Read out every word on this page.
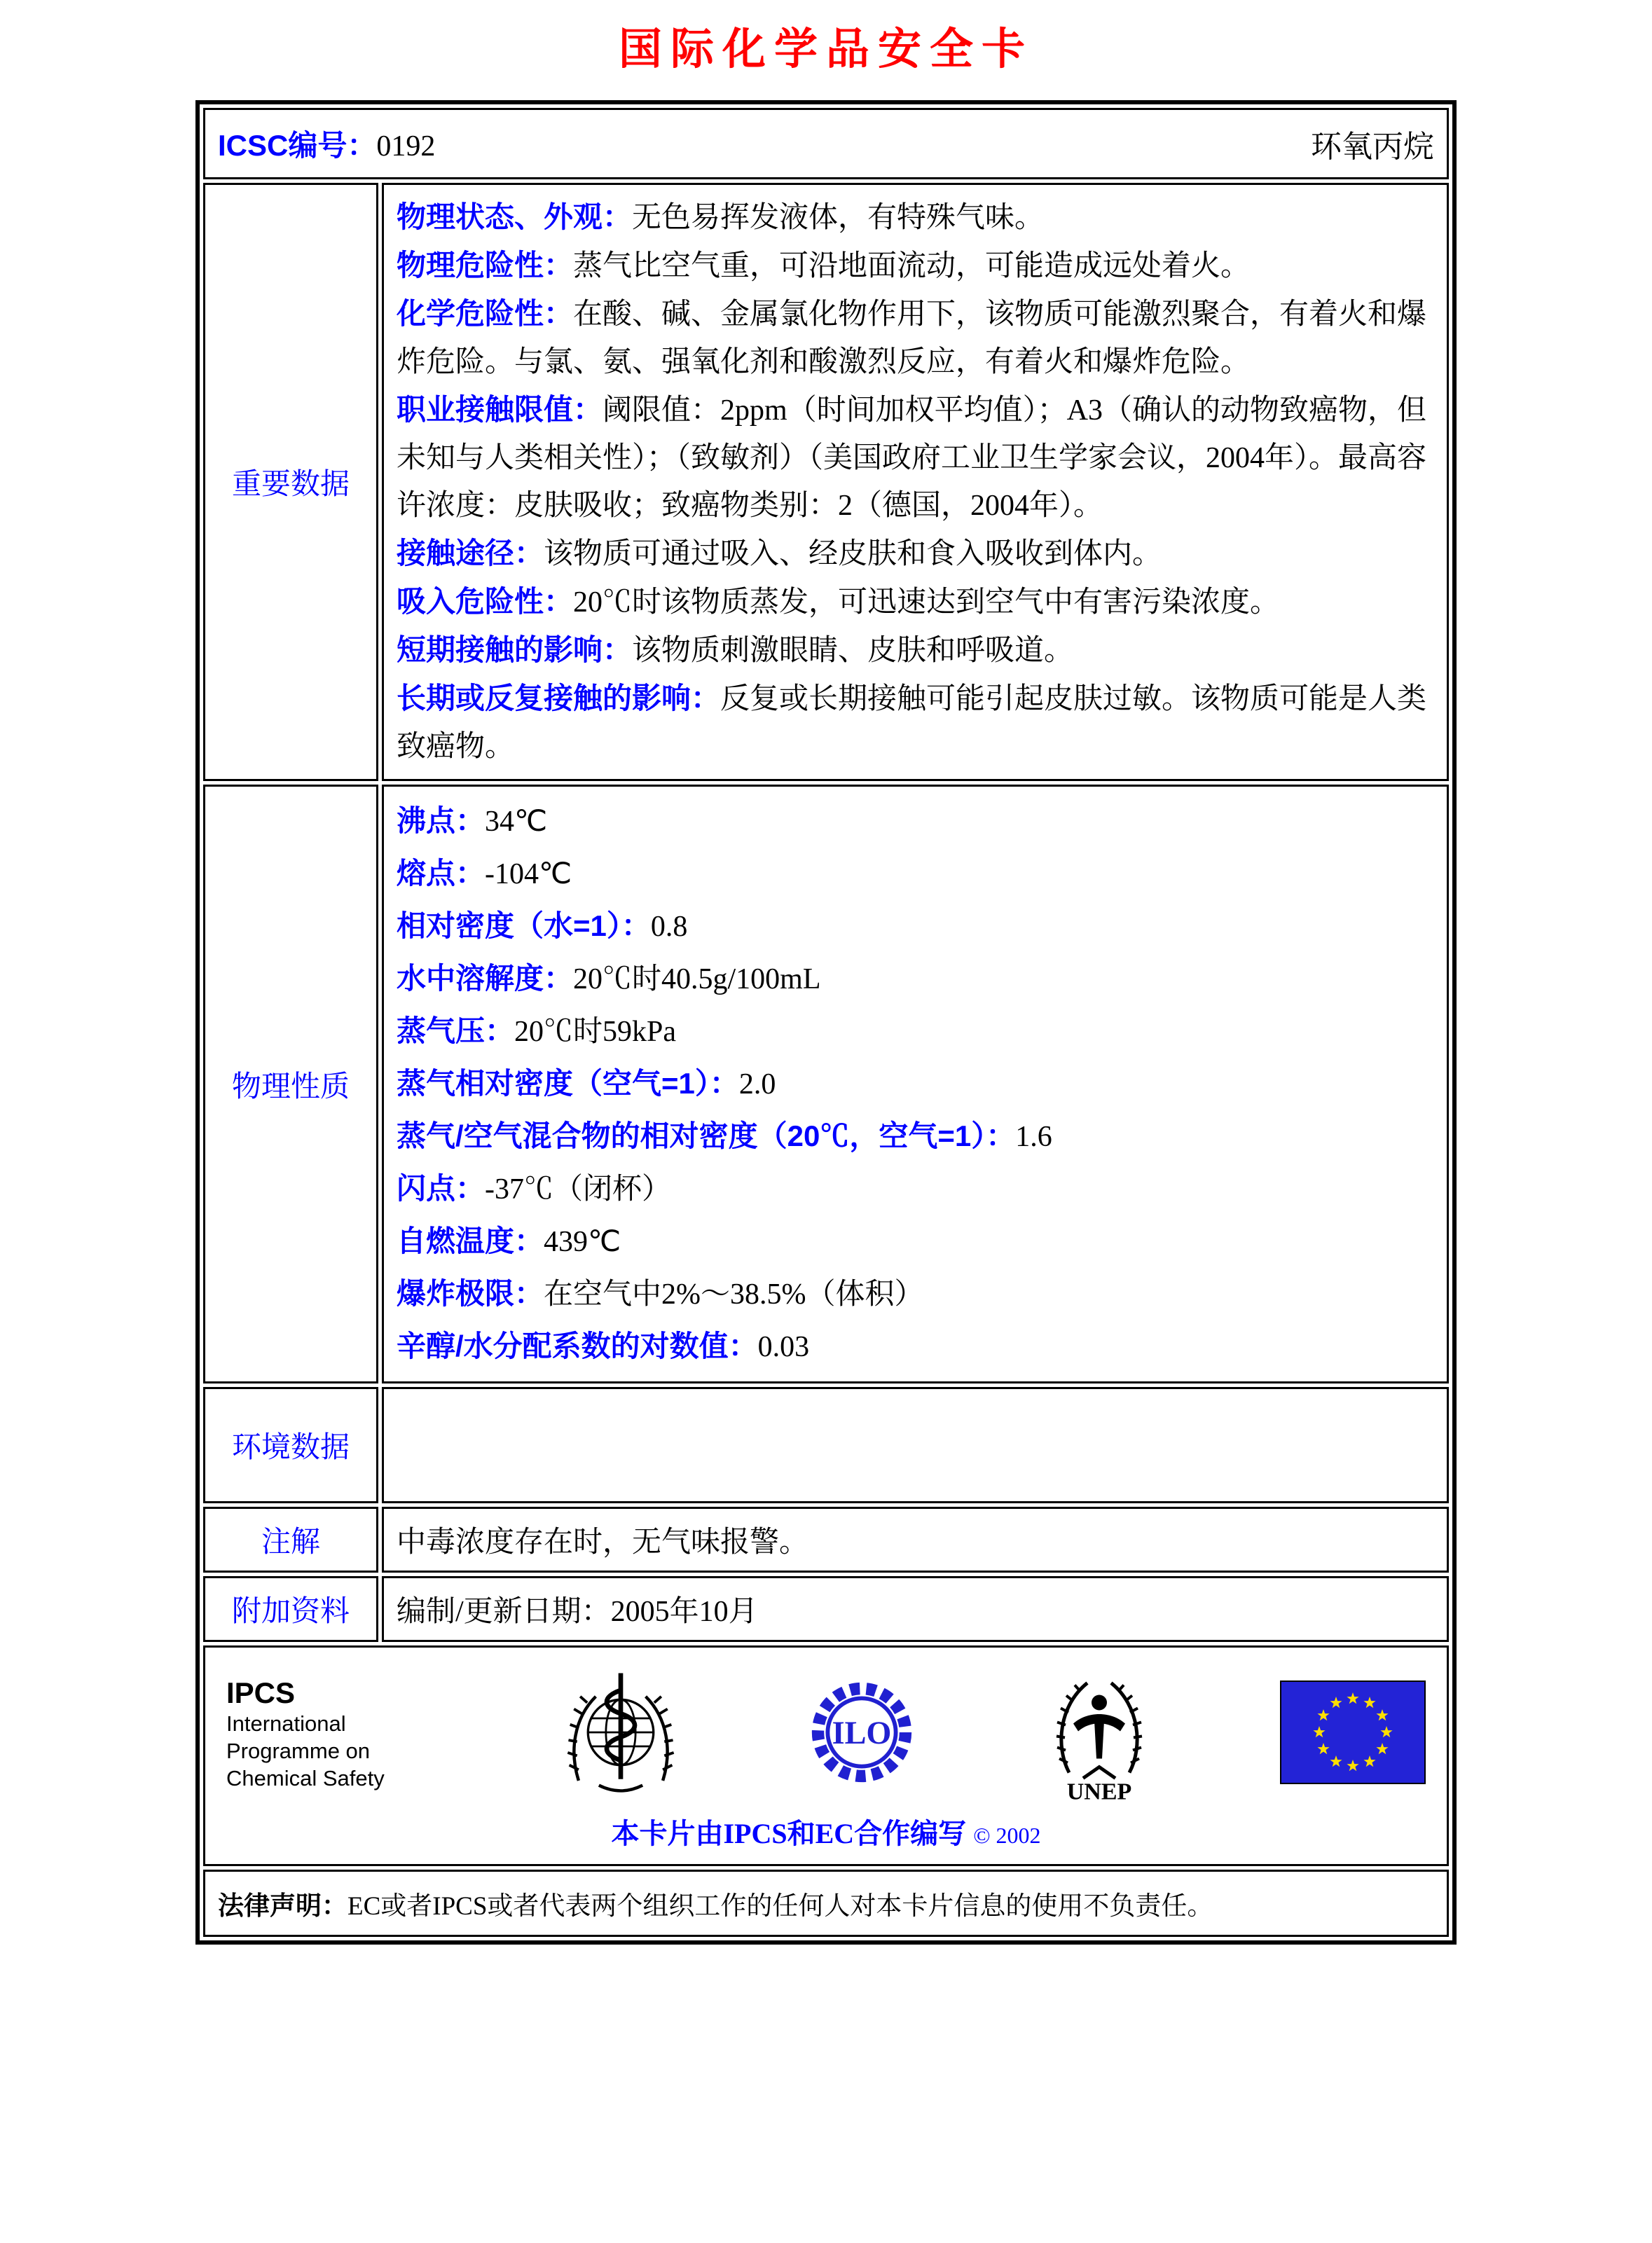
国际化学品安全卡
ICSC编号：0192 环氧丙烷	

重要数据	

物理状态、外观：无色易挥发液体，有特殊气味。

物理危险性：蒸气比空气重，可沿地面流动，可能造成远处着火。

化学危险性：在酸、碱、金属氯化物作用下，该物质可能激烈聚合，有着火和爆炸危险。与氯、氨、强氧化剂和酸激烈反应，有着火和爆炸危险。

职业接触限值：阈限值：2ppm（时间加权平均值）；A3（确认的动物致癌物，但未知与人类相关性）；（致敏剂）（美国政府工业卫生学家会议，2004年）。最高容许浓度：皮肤吸收；致癌物类别：2（德国，2004年）。

接触途径：该物质可通过吸入、经皮肤和食入吸收到体内。

吸入危险性：20℃时该物质蒸发，可迅速达到空气中有害污染浓度。

短期接触的影响：该物质刺激眼睛、皮肤和呼吸道。

长期或反复接触的影响：反复或长期接触可能引起皮肤过敏。该物质可能是人类致癌物。

物理性质	

沸点：34℃

熔点：-104℃

相对密度（水=1）：0.8

水中溶解度：20℃时40.5g/100mL

蒸气压：20℃时59kPa

蒸气相对密度（空气=1）：2.0

蒸气/空气混合物的相对密度（20℃，空气=1）：1.6

闪点：-37℃（闭杯）

自燃温度：439℃

爆炸极限：在空气中2%～38.5%（体积）

辛醇/水分配系数的对数值：0.03

环境数据	
注解	中毒浓度存在时，无气味报警。
附加资料	编制/更新日期：2005年10月

IPCS
International
Programme on
Chemical Safety
ILO
UNEP
本卡片由IPCS和EC合作编写 © 2002

法律声明：EC或者IPCS或者代表两个组织工作的任何人对本卡片信息的使用不负责任。	
